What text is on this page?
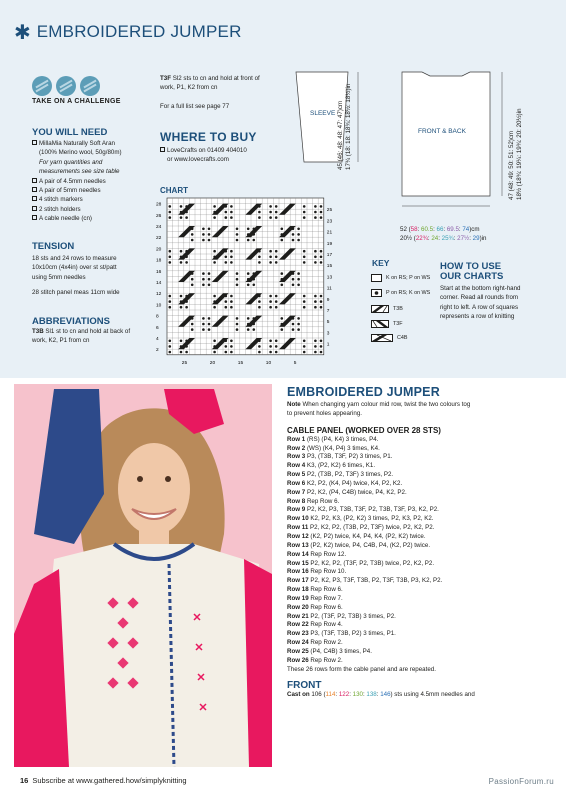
✱ EMBROIDERED JUMPER
TAKE ON A CHALLENGE
YOU WILL NEED
MillaMia Naturally Soft Aran
(100% Merino wool, 50g/80m)
For yarn quantities and
measurements see size table
A pair of 4.5mm needles
A pair of 5mm needles
4 stitch markers
2 stitch holders
A cable needle (cn)
TENSION
18 sts and 24 rows to measure
10x10cm (4x4in) over st st/patt
using 5mm needles
28 stitch panel meas 11cm wide
ABBREVIATIONS
T3B Sl1 st to cn and hold at back of
work, K2, P1 from cn
T3F Sl2 sts to cn and hold at front of
work, P1, K2 from cn
For a full list see page 77
WHERE TO BUY
LoveCrafts on 01409 404010
or www.lovecrafts.com
CHART
28
26
24
22
20
18
16
14
12
10
8
6
4
2
25
23
21
19
17
15
13
11
9
7
5
3
1
25	20	15	10	5
SLEEVE
FRONT & BACK
45 (46: 48: 48: 47: 47)cm 17¾ (18: 18: 18¾: 18½: 18½)in	47 (48: 49: 50: 51: 52)cm 18½ (18¾: 19¼: 19¾: 20: 20½)in
52 (58: 60.5: 66: 69.5: 74)cm
20½ (22¾: 24: 25¾: 27½: 29)in
KEY
K on RS; P on WS
P on RS; K on WS
T3B
T3F
C4B
HOW TO USE
OUR CHARTS
Start at the bottom right-hand
corner. Read all rounds from
right to left. A row of squares
represents a row of knitting
EMBROIDERED JUMPER
Note When changing yarn colour mid row, twist the two colours tog
to prevent holes appearing.
CABLE PANEL (WORKED OVER 28 STS)
Row 1 (RS) (P4, K4) 3 times, P4.
Row 2 (WS) (K4, P4) 3 times, K4.
Row 3 P3, (T3B, T3F, P2) 3 times, P1.
Row 4 K3, (P2, K2) 6 times, K1.
Row 5 P2, (T3B, P2, T3F) 3 times, P2.
Row 6 K2, P2, (K4, P4) twice, K4, P2, K2.
Row 7 P2, K2, (P4, C4B) twice, P4, K2, P2.
Row 8 Rep Row 6.
Row 9 P2, K2, P3, T3B, T3F, P2, T3B, T3F, P3, K2, P2.
Row 10 K2, P2, K3, (P2, K2) 3 times, P2, K3, P2, K2.
Row 11 P2, K2, P2, (T3B, P2, T3F) twice, P2, K2, P2.
Row 12 (K2, P2) twice, K4, P4, K4, (P2, K2) twice.
Row 13 (P2, K2) twice, P4, C4B, P4, (K2, P2) twice.
Row 14 Rep Row 12.
Row 15 P2, K2, P2, (T3F, P2, T3B) twice, P2, K2, P2.
Row 16 Rep Row 10.
Row 17 P2, K2, P3, T3F, T3B, P2, T3F, T3B, P3, K2, P2.
Row 18 Rep Row 6.
Row 19 Rep Row 7.
Row 20 Rep Row 6.
Row 21 P2, (T3F, P2, T3B) 3 times, P2.
Row 22 Rep Row 4.
Row 23 P3, (T3F, T3B, P2) 3 times, P1.
Row 24 Rep Row 2.
Row 25 (P4, C4B) 3 times, P4.
Row 26 Rep Row 2.
These 26 rows form the cable panel and are repeated.
FRONT
Cast on 106 (114: 122: 130: 138: 146) sts using 4.5mm needles and
16 Subscribe at www.gathered.how/simplyknitting	PassionForum.ru
